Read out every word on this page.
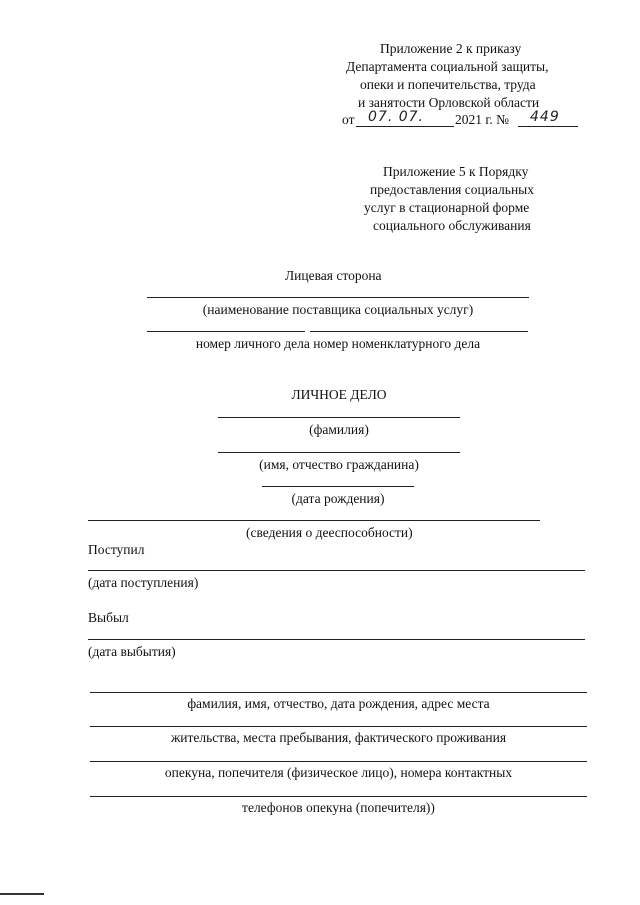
Приложение 2 к приказу
Департамента социальной защиты,
опеки и попечительства, труда
и занятости Орловской области
от 07. 07. 2021 г. № 449
Приложение 5 к Порядку
предоставления социальных
услуг в стационарной форме
социального обслуживания
Лицевая сторона
(наименование поставщика социальных услуг)
номер личного дела номер номенклатурного дела
ЛИЧНОЕ ДЕЛО
(фамилия)
(имя, отчество гражданина)
(дата рождения)
(сведения о дееспособности)
Поступил
(дата поступления)
Выбыл
(дата выбытия)
фамилия, имя, отчество, дата рождения, адрес места
жительства, места пребывания, фактического проживания
опекуна, попечителя (физическое лицо), номера контактных
телефонов опекуна (попечителя))
